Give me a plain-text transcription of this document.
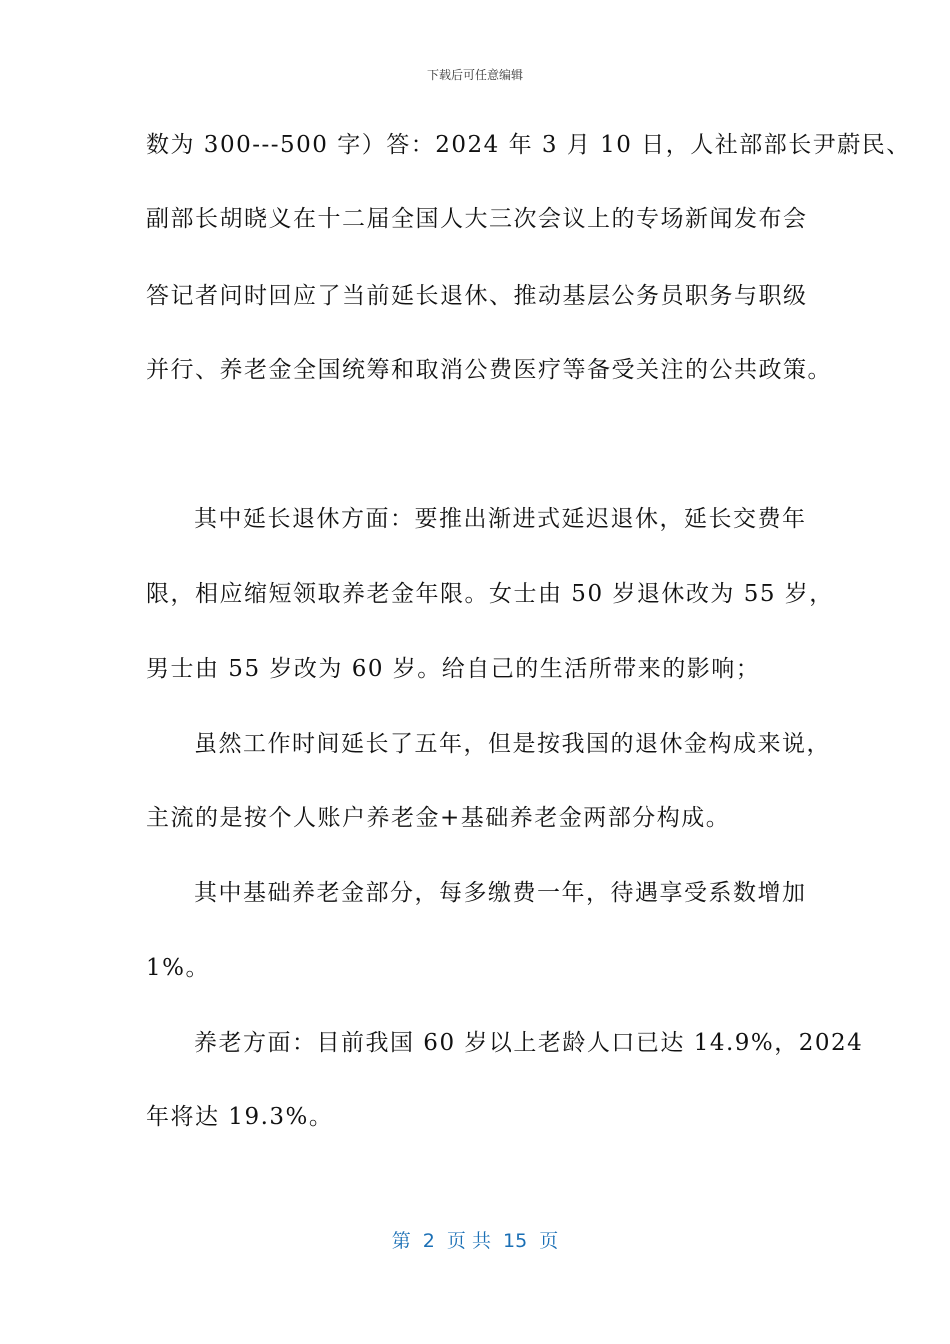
下载后可任意编辑
数为 300---500 字）答：2024 年 3 月 10 日，人社部部长尹蔚民、
副部长胡晓义在十二届全国人大三次会议上的专场新闻发布会
答记者问时回应了当前延长退休、推动基层公务员职务与职级
并行、养老金全国统筹和取消公费医疗等备受关注的公共政策。
其中延长退休方面：要推出渐进式延迟退休，延长交费年
限，相应缩短领取养老金年限。女士由 50 岁退休改为 55 岁，
男士由 55 岁改为 60 岁。给自己的生活所带来的影响；
虽然工作时间延长了五年，但是按我国的退休金构成来说，
主流的是按个人账户养老金+基础养老金两部分构成。
其中基础养老金部分，每多缴费一年，待遇享受系数增加
1%。
养老方面：目前我国 60 岁以上老龄人口已达 14.9%，2024
年将达 19.3%。
第  2  页 共  15  页
